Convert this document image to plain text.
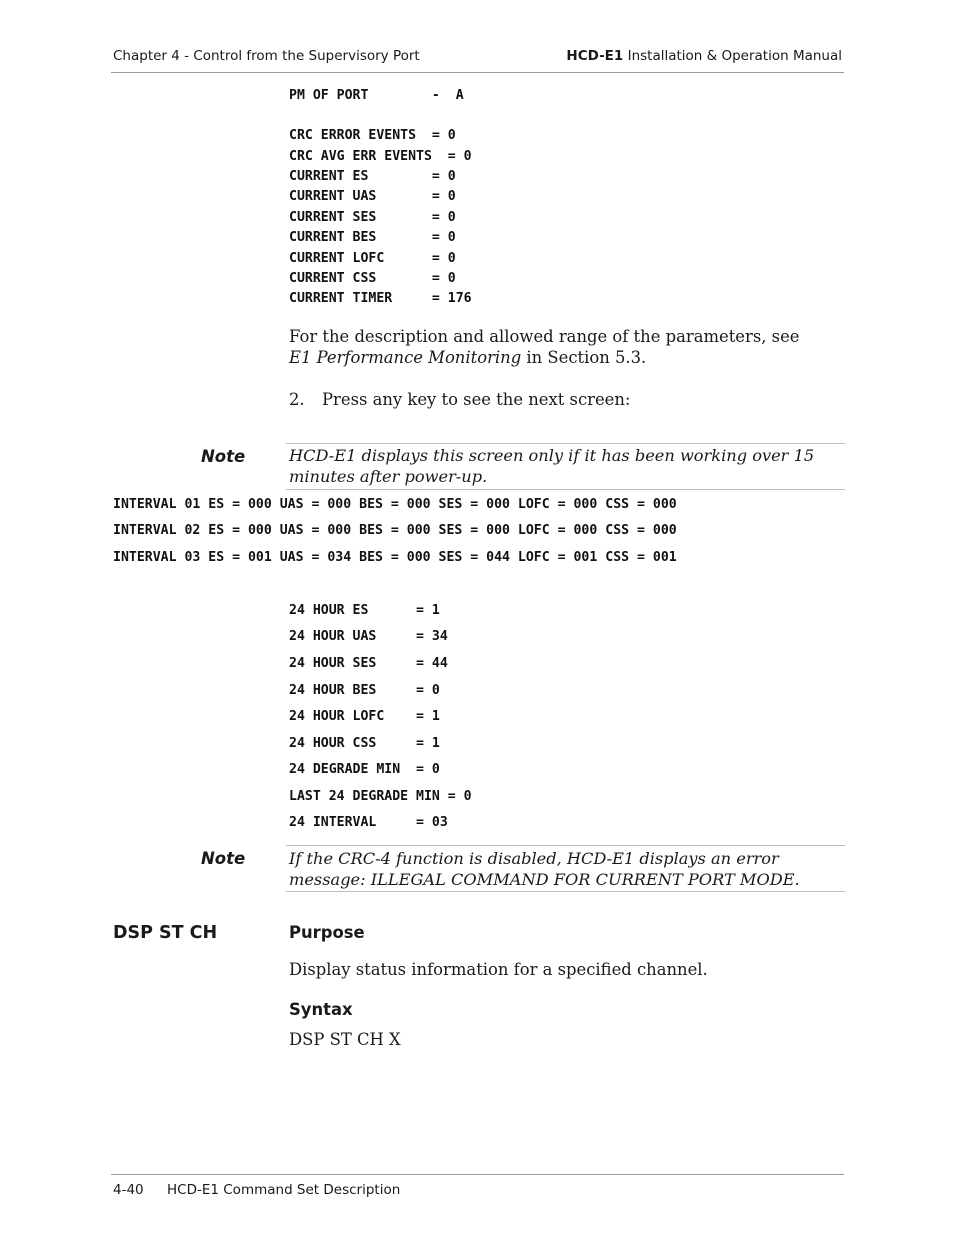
Chapter 4 - Control from the Supervisory Port	HCD-E1 Installation & Operation Manual
PM OF PORT        -  A
CRC ERROR EVENTS  = 0
CRC AVG ERR EVENTS  = 0
CURRENT ES        = 0
CURRENT UAS       = 0
CURRENT SES       = 0
CURRENT BES       = 0
CURRENT LOFC      = 0
CURRENT CSS       = 0
CURRENT TIMER     = 176
For the description and allowed range of the parameters, see E1 Performance Monitoring in Section 5.3.
2. Press any key to see the next screen:
Note	HCD-E1 displays this screen only if it has been working over 15 minutes after power-up.
INTERVAL 01 ES = 000 UAS = 000 BES = 000 SES = 000 LOFC = 000 CSS = 000
INTERVAL 02 ES = 000 UAS = 000 BES = 000 SES = 000 LOFC = 000 CSS = 000
INTERVAL 03 ES = 001 UAS = 034 BES = 000 SES = 044 LOFC = 001 CSS = 001
24 HOUR ES      = 1
24 HOUR UAS     = 34
24 HOUR SES     = 44
24 HOUR BES     = 0
24 HOUR LOFC    = 1
24 HOUR CSS     = 1
24 DEGRADE MIN  = 0
LAST 24 DEGRADE MIN = 0
24 INTERVAL     = 03
Note	If the CRC-4 function is disabled, HCD-E1 displays an error message: ILLEGAL COMMAND FOR CURRENT PORT MODE.
DSP ST CH	Purpose
Display status information for a specified channel.
Syntax
DSP ST CH X
4-40 HCD-E1 Command Set Description
